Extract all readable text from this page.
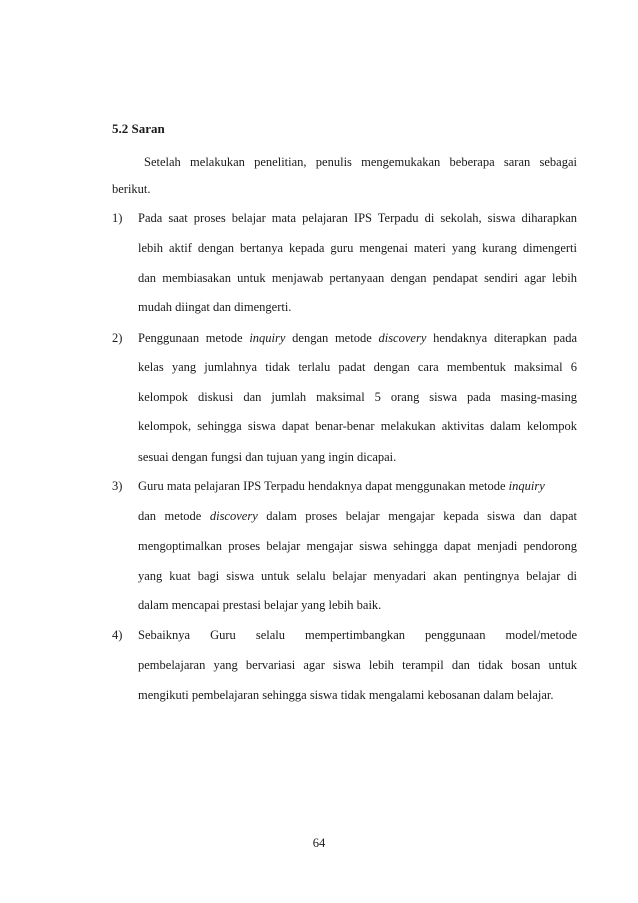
5.2 Saran
Setelah melakukan penelitian, penulis mengemukakan beberapa saran sebagai
berikut.
1) Pada saat proses belajar mata pelajaran IPS Terpadu di sekolah, siswa diharapkan
lebih aktif dengan bertanya kepada guru mengenai materi yang kurang dimengerti
dan membiasakan untuk menjawab pertanyaan dengan pendapat sendiri agar lebih
mudah diingat dan dimengerti.
2) Penggunaan metode inquiry dengan metode discovery hendaknya diterapkan pada
kelas yang jumlahnya tidak terlalu padat dengan cara membentuk maksimal 6
kelompok diskusi dan jumlah maksimal 5 orang siswa pada masing-masing
kelompok, sehingga siswa dapat benar-benar melakukan aktivitas dalam kelompok
sesuai dengan fungsi dan tujuan yang ingin dicapai.
3) Guru mata pelajaran IPS Terpadu hendaknya dapat menggunakan metode inquiry
dan metode discovery dalam proses belajar mengajar kepada siswa dan dapat
mengoptimalkan proses belajar mengajar siswa sehingga dapat menjadi pendorong
yang kuat bagi siswa untuk selalu belajar menyadari akan pentingnya belajar di
dalam mencapai prestasi belajar yang lebih baik.
4) Sebaiknya Guru selalu mempertimbangkan penggunaan model/metode
pembelajaran yang bervariasi agar siswa lebih terampil dan tidak bosan untuk
mengikuti pembelajaran sehingga siswa tidak mengalami kebosanan dalam belajar.
64
